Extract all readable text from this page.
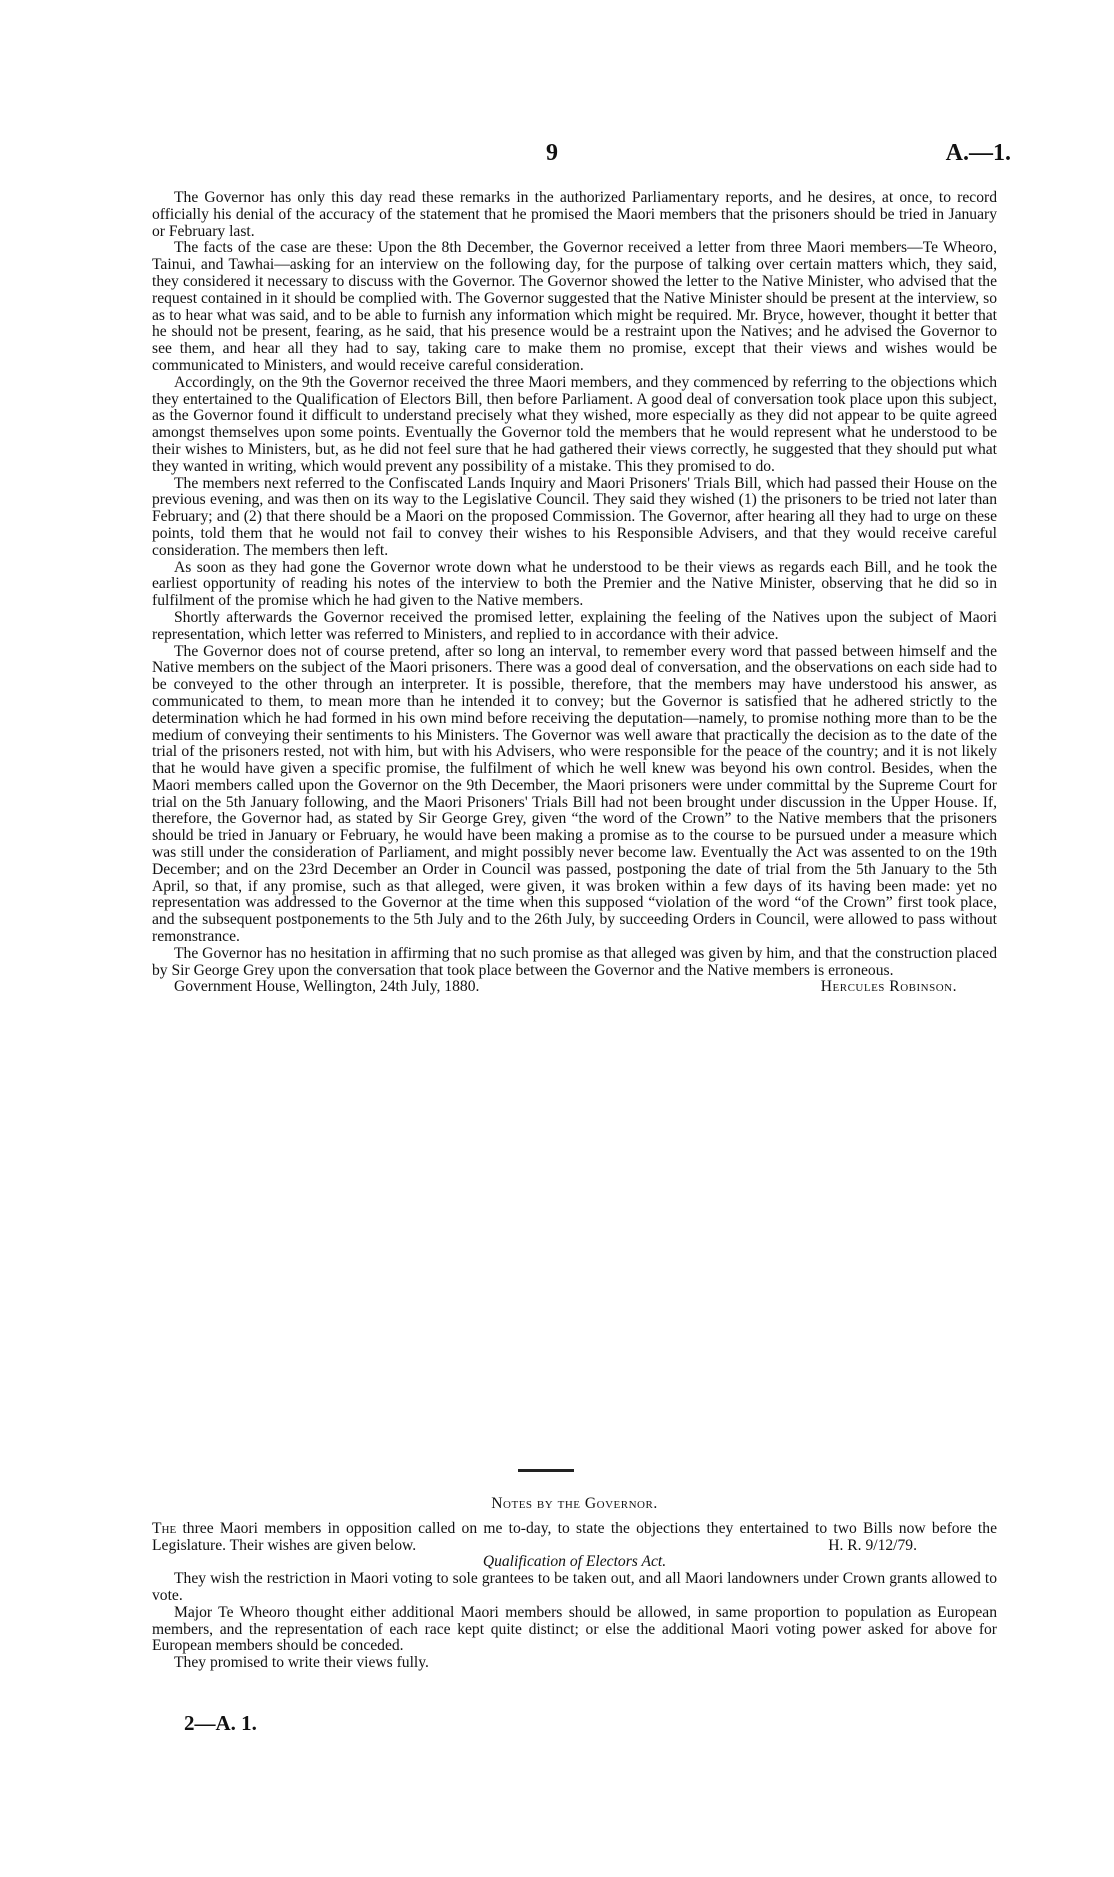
9	A.—1.

The Governor has only this day read these remarks in the authorized Parliamentary reports, and he desires, at once, to record officially his denial of the accuracy of the statement that he promised the Maori members that the prisoners should be tried in January or February last.

The facts of the case are these: Upon the 8th December, the Governor received a letter from three Maori members—Te Wheoro, Tainui, and Tawhai—asking for an interview on the following day, for the purpose of talking over certain matters which, they said, they considered it necessary to discuss with the Governor. The Governor showed the letter to the Native Minister, who advised that the request contained in it should be complied with. The Governor suggested that the Native Minister should be present at the interview, so as to hear what was said, and to be able to furnish any information which might be required. Mr. Bryce, however, thought it better that he should not be present, fearing, as he said, that his presence would be a restraint upon the Natives; and he advised the Governor to see them, and hear all they had to say, taking care to make them no promise, except that their views and wishes would be communicated to Ministers, and would receive careful consideration.

Accordingly, on the 9th the Governor received the three Maori members, and they commenced by referring to the objections which they entertained to the Qualification of Electors Bill, then before Parliament. A good deal of conversation took place upon this subject, as the Governor found it difficult to understand precisely what they wished, more especially as they did not appear to be quite agreed amongst themselves upon some points. Eventually the Governor told the members that he would represent what he understood to be their wishes to Ministers, but, as he did not feel sure that he had gathered their views correctly, he suggested that they should put what they wanted in writing, which would prevent any possibility of a mistake. This they promised to do.

The members next referred to the Confiscated Lands Inquiry and Maori Prisoners' Trials Bill, which had passed their House on the previous evening, and was then on its way to the Legislative Council. They said they wished (1) the prisoners to be tried not later than February; and (2) that there should be a Maori on the proposed Commission. The Governor, after hearing all they had to urge on these points, told them that he would not fail to convey their wishes to his Responsible Advisers, and that they would receive careful consideration. The members then left.

As soon as they had gone the Governor wrote down what he understood to be their views as regards each Bill, and he took the earliest opportunity of reading his notes of the interview to both the Premier and the Native Minister, observing that he did so in fulfilment of the promise which he had given to the Native members.

Shortly afterwards the Governor received the promised letter, explaining the feeling of the Natives upon the subject of Maori representation, which letter was referred to Ministers, and replied to in accordance with their advice.

The Governor does not of course pretend, after so long an interval, to remember every word that passed between himself and the Native members on the subject of the Maori prisoners. There was a good deal of conversation, and the observations on each side had to be conveyed to the other through an interpreter. It is possible, therefore, that the members may have understood his answer, as communicated to them, to mean more than he intended it to convey; but the Governor is satisfied that he adhered strictly to the determination which he had formed in his own mind before receiving the deputation—namely, to promise nothing more than to be the medium of conveying their sentiments to his Ministers. The Governor was well aware that practically the decision as to the date of the trial of the prisoners rested, not with him, but with his Advisers, who were responsible for the peace of the country; and it is not likely that he would have given a specific promise, the fulfilment of which he well knew was beyond his own control. Besides, when the Maori members called upon the Governor on the 9th December, the Maori prisoners were under committal by the Supreme Court for trial on the 5th January following, and the Maori Prisoners' Trials Bill had not been brought under discussion in the Upper House. If, therefore, the Governor had, as stated by Sir George Grey, given “the word of the Crown” to the Native members that the prisoners should be tried in January or February, he would have been making a promise as to the course to be pursued under a measure which was still under the consideration of Parliament, and might possibly never become law. Eventually the Act was assented to on the 19th December; and on the 23rd December an Order in Council was passed, postponing the date of trial from the 5th January to the 5th April, so that, if any promise, such as that alleged, were given, it was broken within a few days of its having been made: yet no representation was addressed to the Governor at the time when this supposed “violation of the word “of the Crown” first took place, and the subsequent postponements to the 5th July and to the 26th July, by succeeding Orders in Council, were allowed to pass without remonstrance.

The Governor has no hesitation in affirming that no such promise as that alleged was given by him, and that the construction placed by Sir George Grey upon the conversation that took place between the Governor and the Native members is erroneous.

Government House, Wellington, 24th July, 1880.	Hercules Robinson.
Notes by the Governor.

The three Maori members in opposition called on me to-day, to state the objections they entertained to two Bills now before the Legislature. Their wishes are given below.	H. R. 9/12/79.

Qualification of Electors Act.

They wish the restriction in Maori voting to sole grantees to be taken out, and all Maori landowners under Crown grants allowed to vote.

Major Te Wheoro thought either additional Maori members should be allowed, in same proportion to population as European members, and the representation of each race kept quite distinct; or else the additional Maori voting power asked for above for European members should be conceded.

They promised to write their views fully.

2—A. 1.
